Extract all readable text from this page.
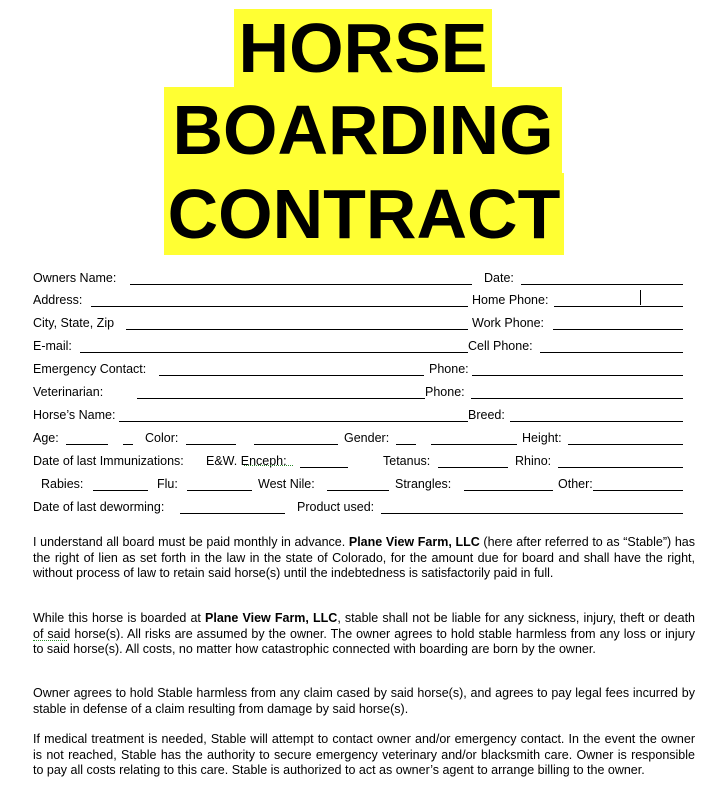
HORSE
BOARDING
CONTRACT
Owners Name:	Date:
Address:	Home Phone:
City, State, Zip	Work Phone:
E-mail:	Cell Phone:
Emergency Contact:	Phone:
Veterinarian:	Phone:
Horse’s Name:	Breed:
Age:	Color:	Gender:	Height:
Date of last Immunizations: E&W. Enceph:	Tetanus:	Rhino:
Rabies:	Flu:	West Nile:	Strangles:	Other:
Date of last deworming:	Product used:
I understand all board must be paid monthly in advance. Plane View Farm, LLC (here after referred to as “Stable”) has the right of lien as set forth in the law in the state of Colorado, for the amount due for board and shall have the right, without process of law to retain said horse(s) until the indebtedness is satisfactorily paid in full.
While this horse is boarded at Plane View Farm, LLC, stable shall not be liable for any sickness, injury, theft or death of said horse(s). All risks are assumed by the owner. The owner agrees to hold stable harmless from any loss or injury to said horse(s). All costs, no matter how catastrophic connected with boarding are born by the owner.
Owner agrees to hold Stable harmless from any claim cased by said horse(s), and agrees to pay legal fees incurred by stable in defense of a claim resulting from damage by said horse(s).
If medical treatment is needed, Stable will attempt to contact owner and/or emergency contact. In the event the owner is not reached, Stable has the authority to secure emergency veterinary and/or blacksmith care. Owner is responsible to pay all costs relating to this care. Stable is authorized to act as owner’s agent to arrange billing to the owner.
